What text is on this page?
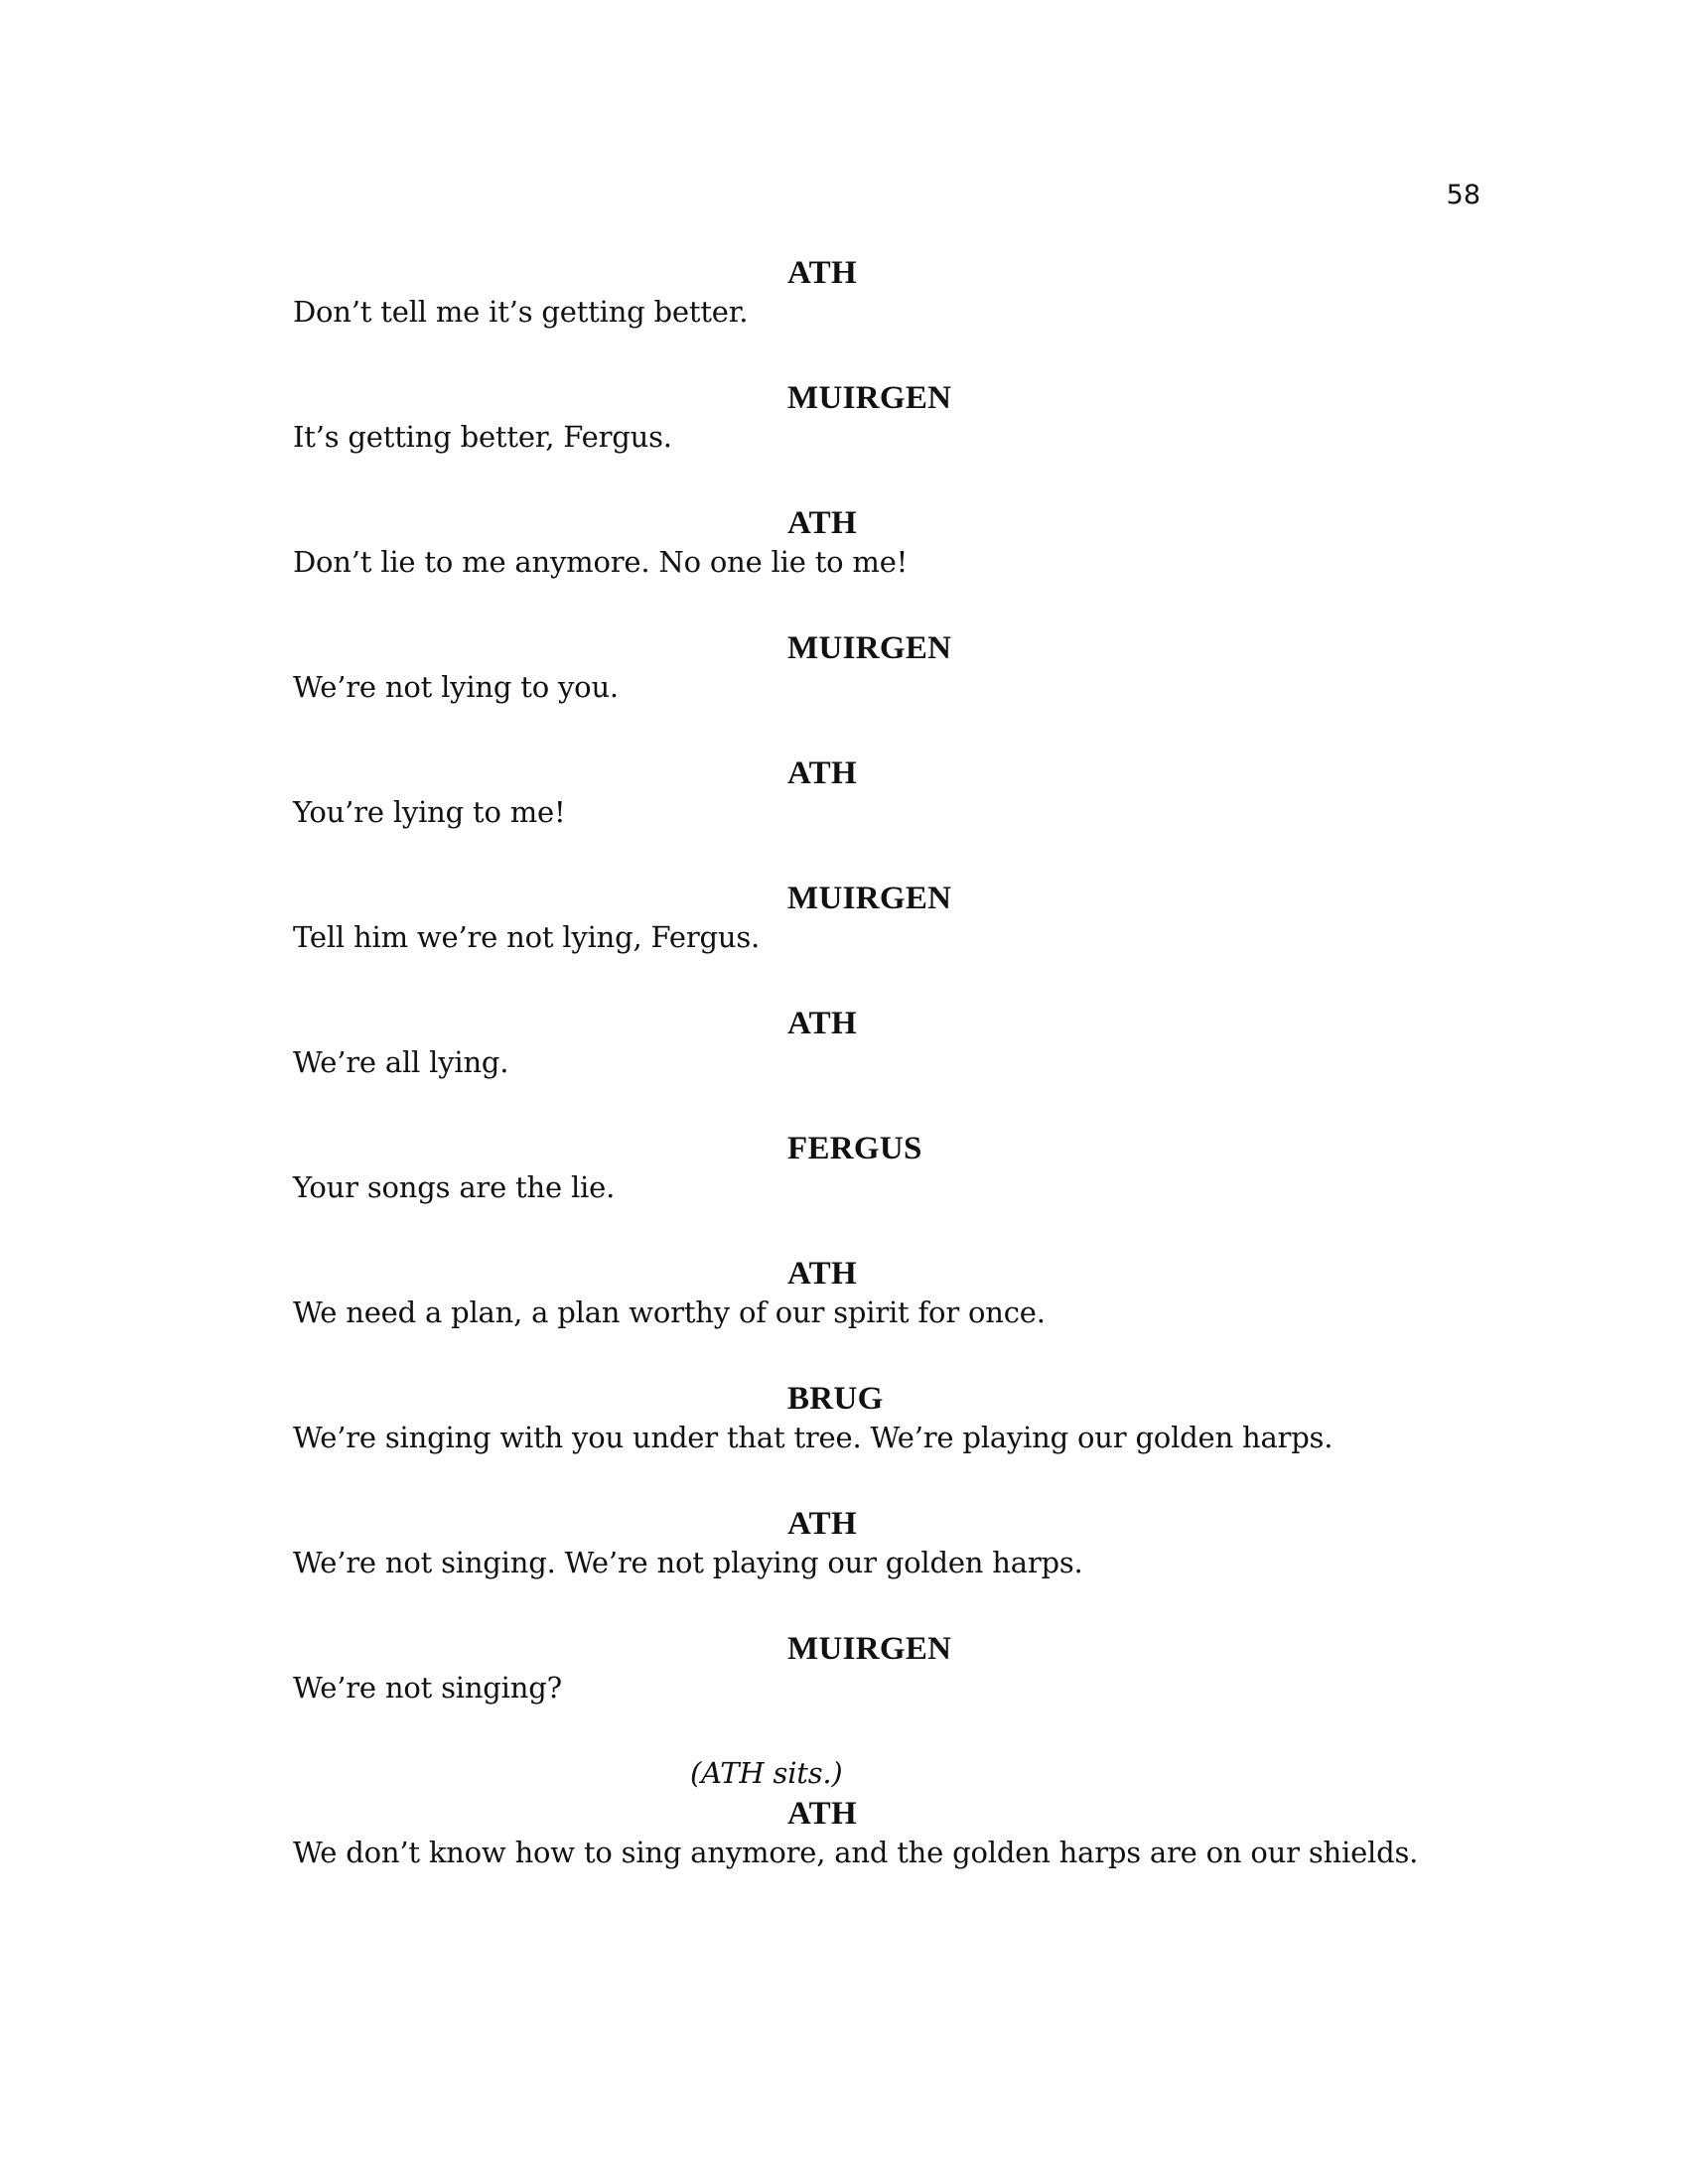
58
ATH
Don’t tell me it’s getting better.
MUIRGEN
It’s getting better, Fergus.
ATH
Don’t lie to me anymore. No one lie to me!
MUIRGEN
We’re not lying to you.
ATH
You’re lying to me!
MUIRGEN
Tell him we’re not lying, Fergus.
ATH
We’re all lying.
FERGUS
Your songs are the lie.
ATH
We need a plan, a plan worthy of our spirit for once.
BRUG
We’re singing with you under that tree. We’re playing our golden harps.
ATH
We’re not singing. We’re not playing our golden harps.
MUIRGEN
We’re not singing?
(ATH sits.)
ATH
We don’t know how to sing anymore, and the golden harps are on our shields.
